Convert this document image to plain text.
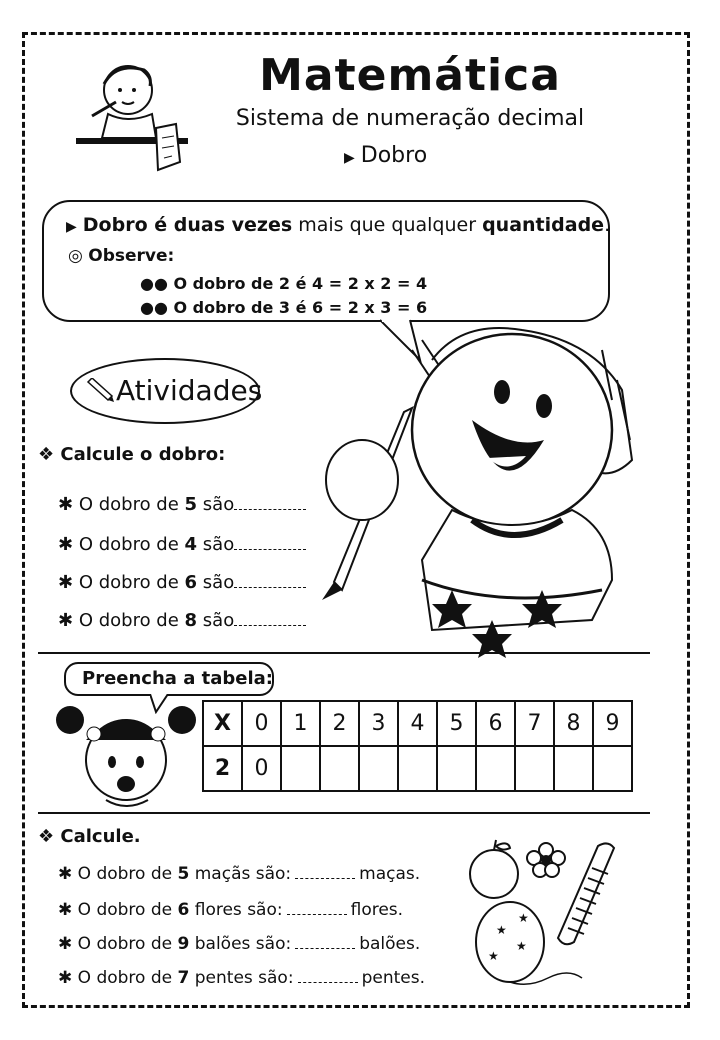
Matemática
Sistema de numeração decimal
▶ Dobro
▶ Dobro é duas vezes mais que qualquer quantidade.
◎ Observe:
●● O dobro de 2 é 4 = 2 x 2 = 4
●● O dobro de 3 é 6 = 2 x 3 = 6
Atividades
❖ Calcule o dobro:
✱ O dobro de 5 são
✱ O dobro de 4 são
✱ O dobro de 6 são
✱ O dobro de 8 são
Preencha a tabela:
X	0	1	2	3	4	5	6	7	8	9
2	0									
❖ Calcule.
✱ O dobro de 5 maçãs são:	maças.
✱ O dobro de 6 flores são:	flores.
✱ O dobro de 9 balões são:	balões.
✱ O dobro de 7 pentes são:	pentes.
★
★
★
★
